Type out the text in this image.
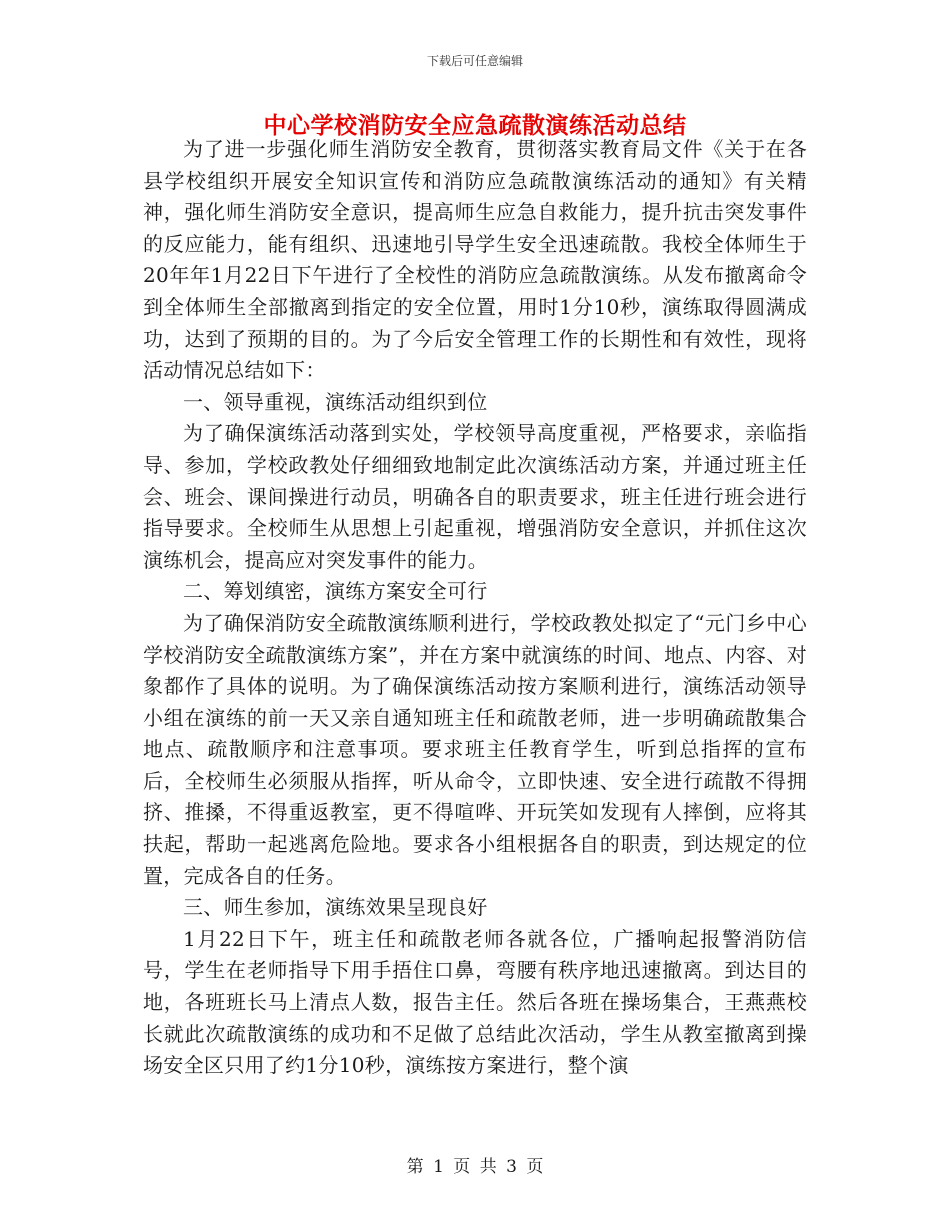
下载后可任意编辑
中心学校消防安全应急疏散演练活动总结

为了进一步强化师生消防安全教育，贯彻落实教育局文件《关于在各县学校组织开展安全知识宣传和消防应急疏散演练活动的通知》有关精神，强化师生消防安全意识，提高师生应急自救能力，提升抗击突发事件的反应能力，能有组织、迅速地引导学生安全迅速疏散。我校全体师生于20年年1月22日下午进行了全校性的消防应急疏散演练。从发布撤离命令到全体师生全部撤离到指定的安全位置，用时1分10秒，演练取得圆满成功，达到了预期的目的。为了今后安全管理工作的长期性和有效性，现将活动情况总结如下：

一、领导重视，演练活动组织到位

为了确保演练活动落到实处，学校领导高度重视，严格要求，亲临指导、参加，学校政教处仔细细致地制定此次演练活动方案，并通过班主任会、班会、课间操进行动员，明确各自的职责要求，班主任进行班会进行指导要求。全校师生从思想上引起重视，增强消防安全意识，并抓住这次演练机会，提高应对突发事件的能力。

二、筹划缜密，演练方案安全可行

为了确保消防安全疏散演练顺利进行，学校政教处拟定了“元门乡中心学校消防安全疏散演练方案”，并在方案中就演练的时间、地点、内容、对象都作了具体的说明。为了确保演练活动按方案顺利进行，演练活动领导小组在演练的前一天又亲自通知班主任和疏散老师，进一步明确疏散集合地点、疏散顺序和注意事项。要求班主任教育学生，听到总指挥的宣布后，全校师生必须服从指挥，听从命令，立即快速、安全进行疏散不得拥挤、推搡，不得重返教室，更不得喧哗、开玩笑如发现有人摔倒，应将其扶起，帮助一起逃离危险地。要求各小组根据各自的职责，到达规定的位置，完成各自的任务。

三、师生参加，演练效果呈现良好

1月22日下午，班主任和疏散老师各就各位，广播响起报警消防信号，学生在老师指导下用手捂住口鼻，弯腰有秩序地迅速撤离。到达目的地，各班班长马上清点人数，报告主任。然后各班在操场集合，王燕燕校长就此次疏散演练的成功和不足做了总结此次活动，学生从教室撤离到操场安全区只用了约1分10秒，演练按方案进行，整个演

第 1 页 共 3 页
